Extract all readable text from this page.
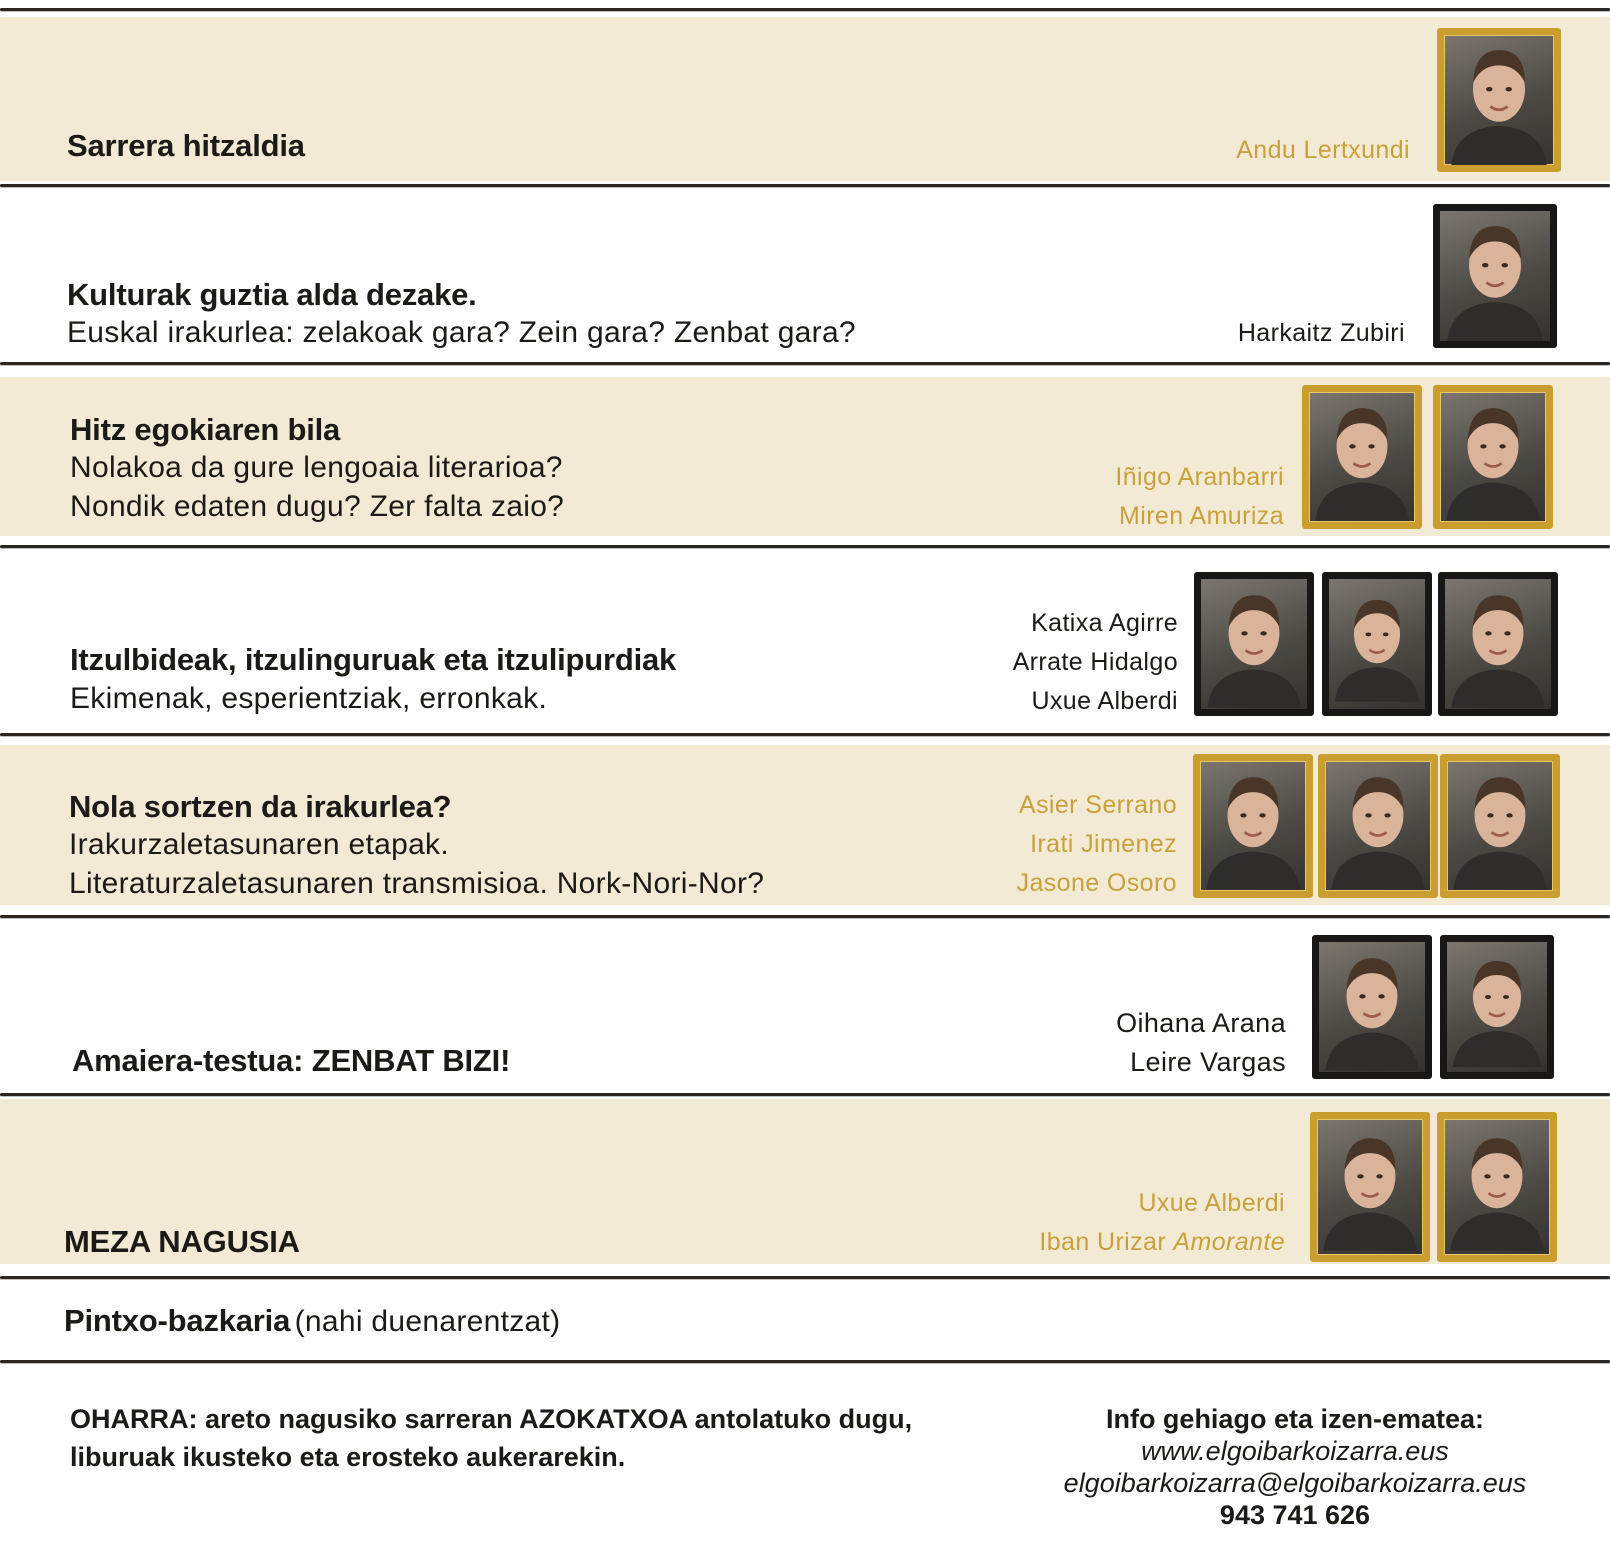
Sarrera hitzaldia	Andu Lertxundi
Kulturak guztia alda dezake.
Euskal irakurlea: zelakoak gara? Zein gara? Zenbat gara?	Harkaitz Zubiri
Hitz egokiaren bila
Nolakoa da gure lengoaia literarioa?
Nondik edaten dugu? Zer falta zaio?
Iñigo Aranbarri
Miren Amuriza
Itzulbideak, itzulinguruak eta itzulipurdiak
Ekimenak, esperientziak, erronkak.
Katixa Agirre
Arrate Hidalgo
Uxue Alberdi
Nola sortzen da irakurlea?
Irakurzaletasunaren etapak.
Literaturzaletasunaren transmisioa. Nork-Nori-Nor?
Asier Serrano
Irati Jimenez
Jasone Osoro
Amaiera-testua: ZENBAT BIZI!
Oihana Arana
Leire Vargas
MEZA NAGUSIA
Uxue Alberdi
Iban Urizar Amorante
Pintxo-bazkaria (nahi duenarentzat)
OHARRA: areto nagusiko sarreran AZOKATXOA antolatuko dugu,
liburuak ikusteko eta erosteko aukerarekin.
Info gehiago eta izen-ematea:
www.elgoibarkoizarra.eus
elgoibarkoizarra@elgoibarkoizarra.eus
943 741 626
